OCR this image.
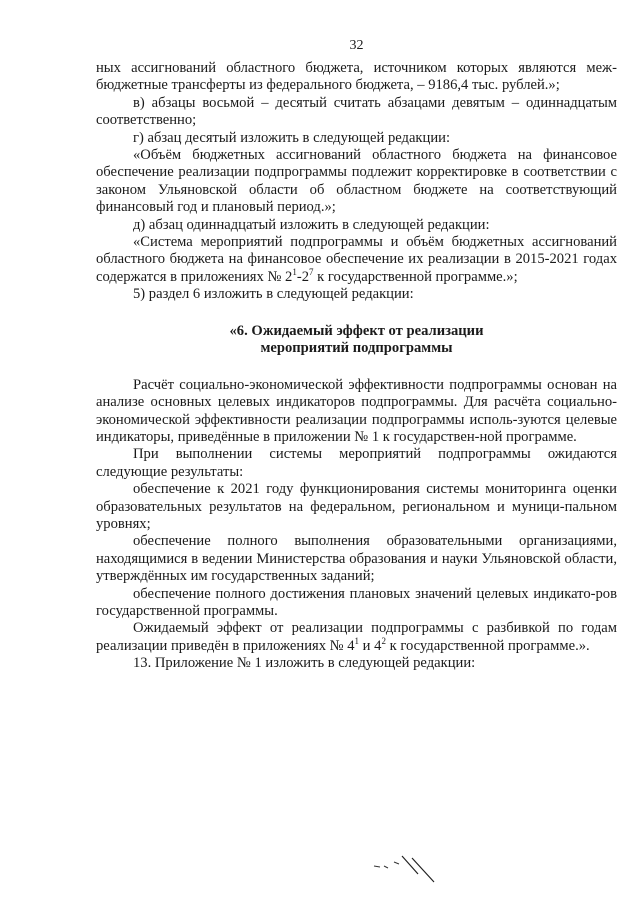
32

ных ассигнований областного бюджета, источником которых являются меж-бюджетные трансферты из федерального бюджета, – 9186,4 тыс. рублей.»;

в) абзацы восьмой – десятый считать абзацами девятым – одиннадцатым соответственно;

г) абзац десятый изложить в следующей редакции:

«Объём бюджетных ассигнований областного бюджета на финансовое обеспечение реализации подпрограммы подлежит корректировке в соответствии с законом Ульяновской области об областном бюджете на соответствующий финансовый год и плановый период.»;

д) абзац одиннадцатый изложить в следующей редакции:

«Система мероприятий подпрограммы и объём бюджетных ассигнований областного бюджета на финансовое обеспечение их реализации в 2015-2021 годах содержатся в приложениях № $2^1-2^7$ к государственной программе.»;

5) раздел 6 изложить в следующей редакции:

«6. Ожидаемый эффект от реализации
мероприятий подпрограммы

Расчёт социально-экономической эффективности подпрограммы основан на анализе основных целевых индикаторов подпрограммы. Для расчёта социально-экономической эффективности реализации подпрограммы исполь-зуются целевые индикаторы, приведённые в приложении № 1 к государствен-ной программе.

При выполнении системы мероприятий подпрограммы ожидаются следующие результаты:

обеспечение к 2021 году функционирования системы мониторинга оценки образовательных результатов на федеральном, региональном и муници-пальном уровнях;

обеспечение полного выполнения образовательными организациями, находящимися в ведении Министерства образования и науки Ульяновской области, утверждённых им государственных заданий;

обеспечение полного достижения плановых значений целевых индикато-ров государственной программы.

Ожидаемый эффект от реализации подпрограммы с разбивкой по годам реализации приведён в приложениях № $4^1$ и $4^2$ к государственной программе.».

13. Приложение № 1 изложить в следующей редакции:
